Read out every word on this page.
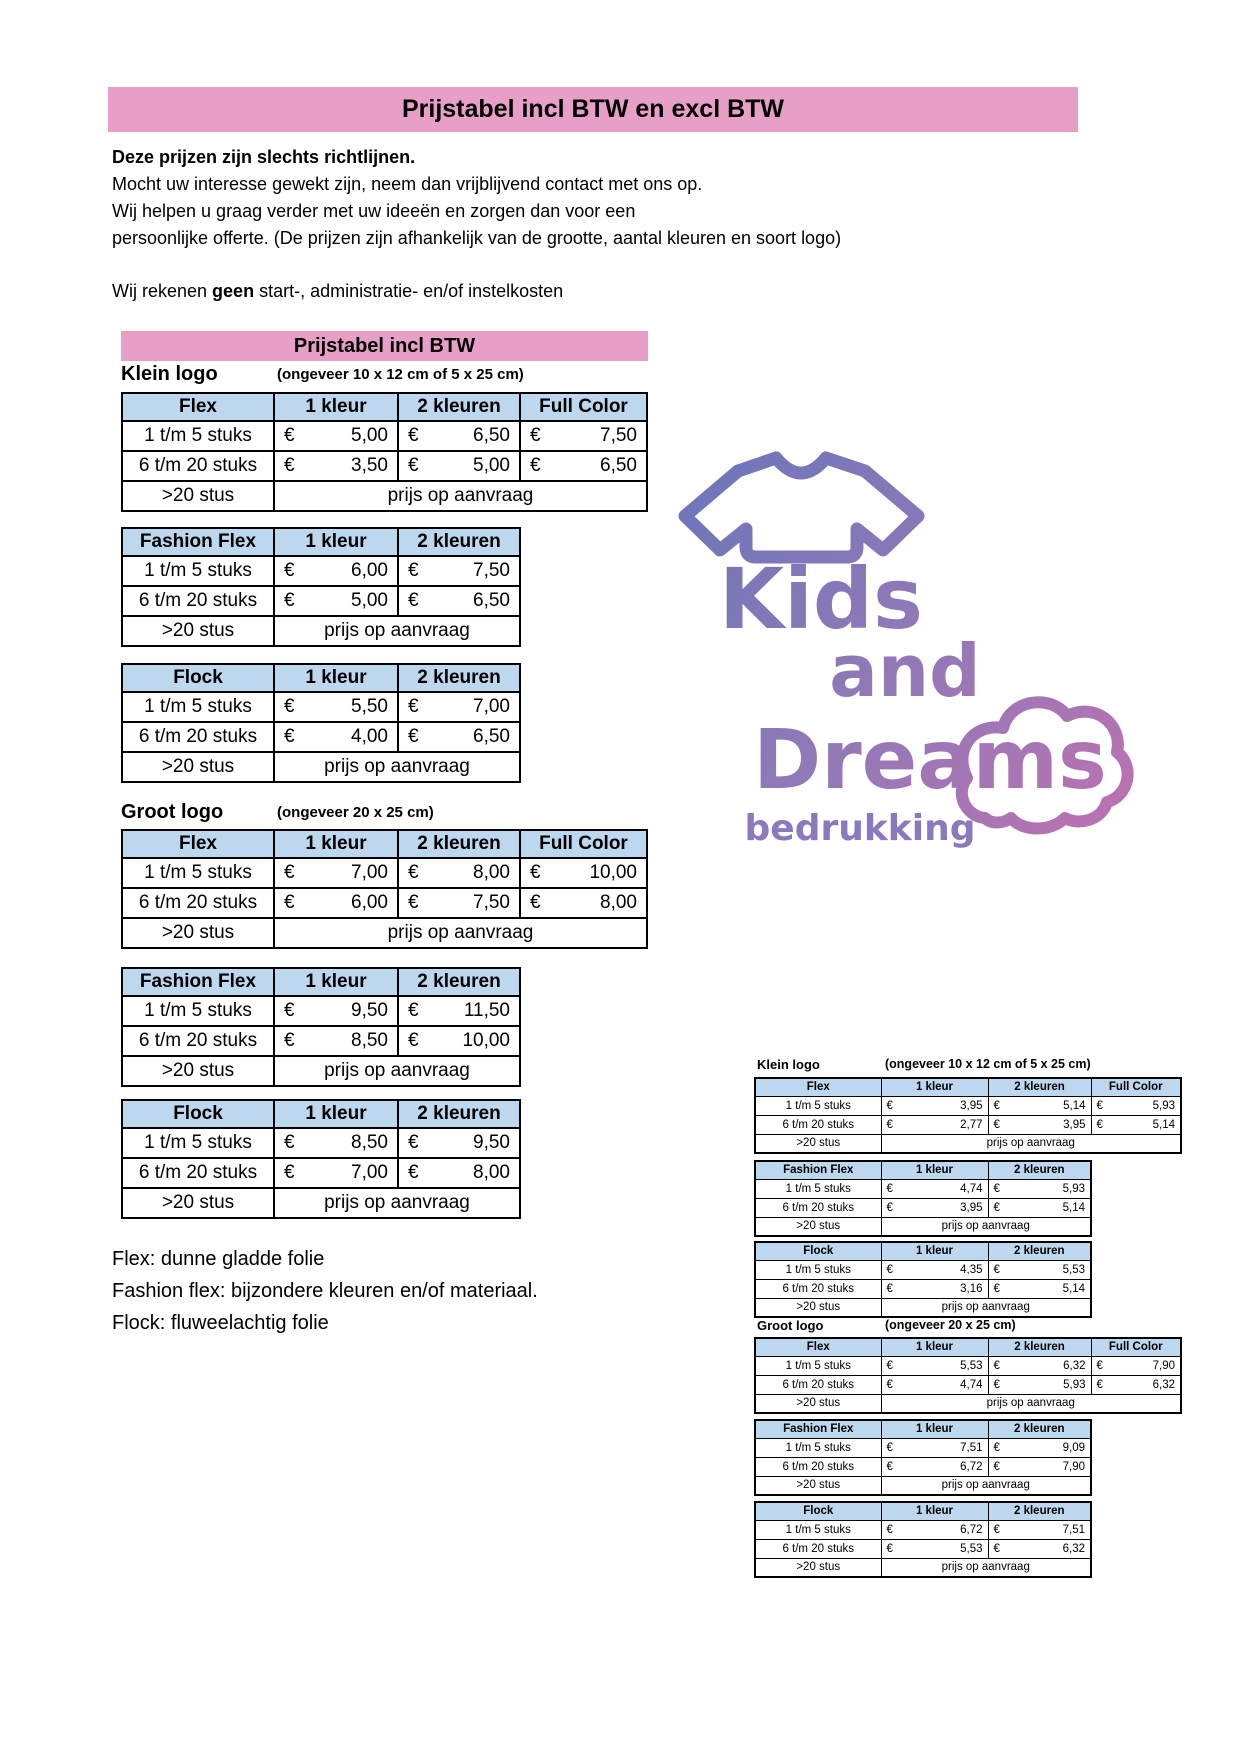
Prijstabel incl BTW en excl BTW
Deze prijzen zijn slechts richtlijnen.
Mocht uw interesse gewekt zijn, neem dan vrijblijvend contact met ons op.
Wij helpen u graag verder met uw ideeën en zorgen dan voor een
persoonlijke offerte. (De prijzen zijn afhankelijk van de grootte, aantal kleuren en soort logo)
Wij rekenen geen start-, administratie- en/of instelkosten
Prijstabel incl BTW
Klein logo	(ongeveer 10 x 12 cm of 5 x 25 cm)
Flex	1 kleur	2 kleuren	Full Color
1 t/m 5 stuks	€ 5,00	€ 6,50	€ 7,50

6 t/m 20 stuks	€ 3,50	€ 5,00	€ 6,50

>20 stus	prijs op aanvraag		
Fashion Flex	1 kleur	2 kleuren
1 t/m 5 stuks	€ 6,00	€ 7,50

6 t/m 20 stuks	€ 5,00	€ 6,50

>20 stus	prijs op aanvraag	
Flock	1 kleur	2 kleuren
1 t/m 5 stuks	€ 5,50	€ 7,00

6 t/m 20 stuks	€ 4,00	€ 6,50

>20 stus	prijs op aanvraag	
Groot logo	(ongeveer 20 x 25 cm)
Flex	1 kleur	2 kleuren	Full Color
1 t/m 5 stuks	€ 7,00	€ 8,00	€ 10,00

6 t/m 20 stuks	€ 6,00	€ 7,50	€ 8,00

>20 stus	prijs op aanvraag		
Fashion Flex	1 kleur	2 kleuren
1 t/m 5 stuks	€ 9,50	€ 11,50

6 t/m 20 stuks	€ 8,50	€ 10,00

>20 stus	prijs op aanvraag	
Flock	1 kleur	2 kleuren
1 t/m 5 stuks	€ 8,50	€ 9,50

6 t/m 20 stuks	€ 7,00	€ 8,00

>20 stus	prijs op aanvraag	
Flex: dunne gladde folie
Fashion flex: bijzondere kleuren en/of materiaal.
Flock: fluweelachtig folie
Kids
and
Dreams
bedrukking
Klein logo	(ongeveer 10 x 12 cm of 5 x 25 cm)
Flex	1 kleur	2 kleuren	Full Color
1 t/m 5 stuks	€ 3,95	€ 5,14	€ 5,93

6 t/m 20 stuks	€ 2,77	€ 3,95	€ 5,14

>20 stus	prijs op aanvraag		
Fashion Flex	1 kleur	2 kleuren
1 t/m 5 stuks	€ 4,74	€ 5,93

6 t/m 20 stuks	€ 3,95	€ 5,14

>20 stus	prijs op aanvraag	
Flock	1 kleur	2 kleuren
1 t/m 5 stuks	€ 4,35	€ 5,53

6 t/m 20 stuks	€ 3,16	€ 5,14

>20 stus	prijs op aanvraag	
Groot logo	(ongeveer 20 x 25 cm)
Flex	1 kleur	2 kleuren	Full Color
1 t/m 5 stuks	€ 5,53	€ 6,32	€ 7,90

6 t/m 20 stuks	€ 4,74	€ 5,93	€ 6,32

>20 stus	prijs op aanvraag		
Fashion Flex	1 kleur	2 kleuren
1 t/m 5 stuks	€ 7,51	€ 9,09

6 t/m 20 stuks	€ 6,72	€ 7,90

>20 stus	prijs op aanvraag	
Flock	1 kleur	2 kleuren
1 t/m 5 stuks	€ 6,72	€ 7,51

6 t/m 20 stuks	€ 5,53	€ 6,32

>20 stus	prijs op aanvraag	
